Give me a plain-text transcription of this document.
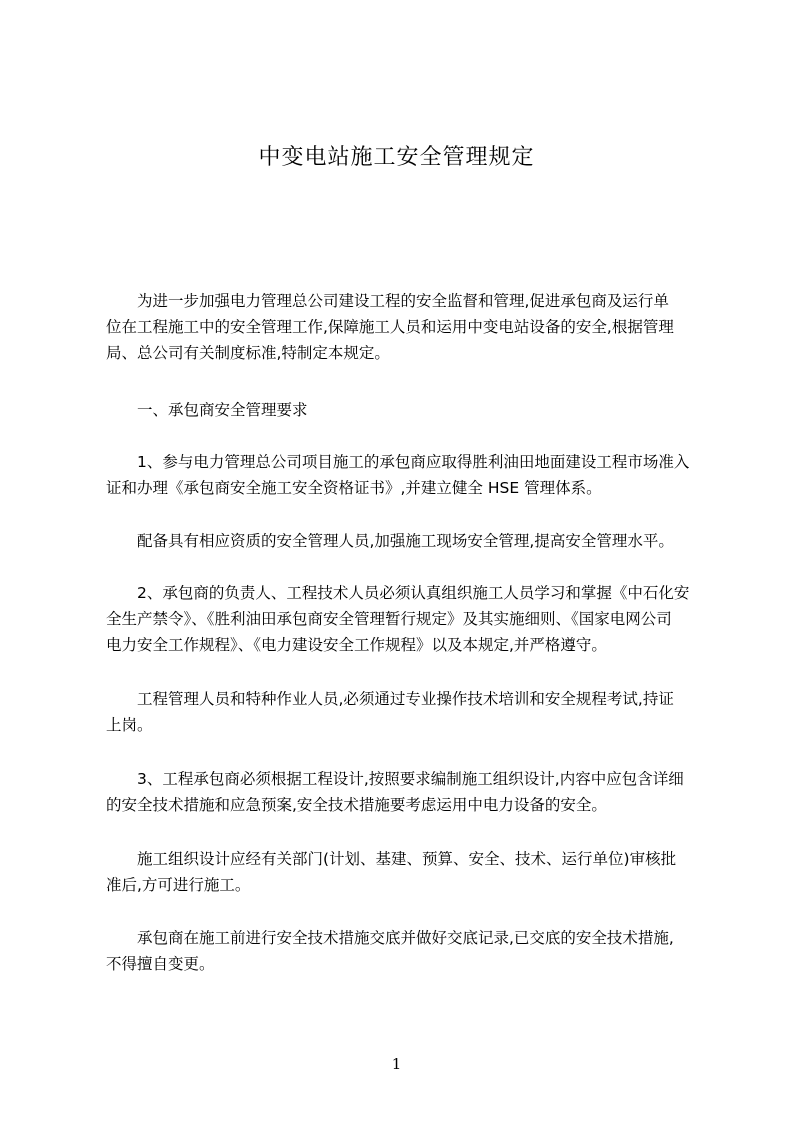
中变电站施工安全管理规定

　　为进一步加强电力管理总公司建设工程的安全监督和管理,促进承包商及运行单
位在工程施工中的安全管理工作,保障施工人员和运用中变电站设备的安全,根据管理
局、总公司有关制度标准,特制定本规定。

　　一、承包商安全管理要求

　　1、参与电力管理总公司项目施工的承包商应取得胜利油田地面建设工程市场准入
证和办理《承包商安全施工安全资格证书》,并建立健全 HSE 管理体系。

　　配备具有相应资质的安全管理人员,加强施工现场安全管理,提高安全管理水平。

　　2、承包商的负责人、工程技术人员必须认真组织施工人员学习和掌握《中石化安
全生产禁令》、《胜利油田承包商安全管理暂行规定》及其实施细则、《国家电网公司
电力安全工作规程》、《电力建设安全工作规程》以及本规定,并严格遵守。

　　工程管理人员和特种作业人员,必须通过专业操作技术培训和安全规程考试,持证
上岗。

　　3、工程承包商必须根据工程设计,按照要求编制施工组织设计,内容中应包含详细
的安全技术措施和应急预案,安全技术措施要考虑运用中电力设备的安全。

　　施工组织设计应经有关部门(计划、基建、预算、安全、技术、运行单位)审核批
准后,方可进行施工。

　　承包商在施工前进行安全技术措施交底并做好交底记录,已交底的安全技术措施,
不得擅自变更。

1
